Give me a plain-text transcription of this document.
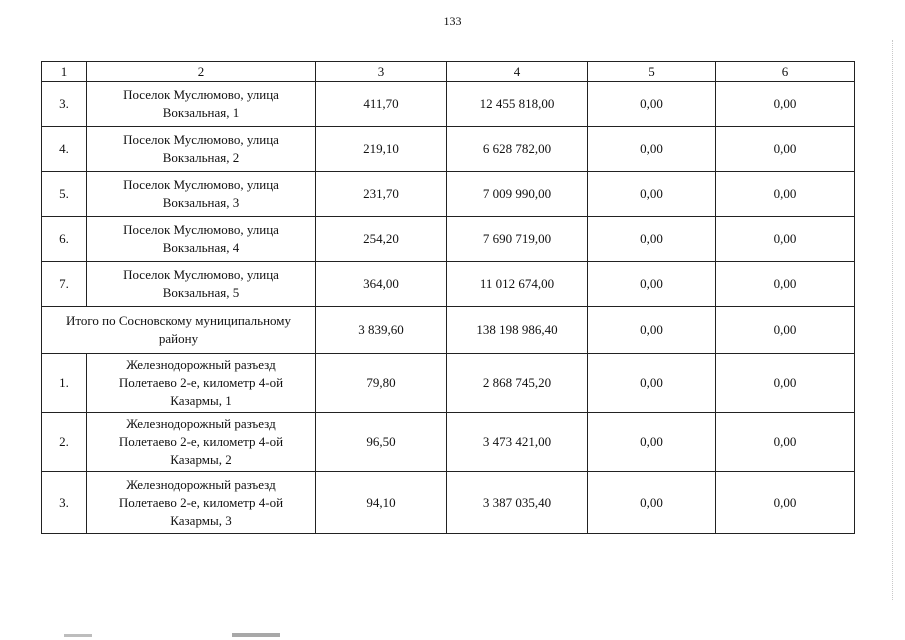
133
1	2	3	4	5	6
3.	Поселок Муслюмово, улица
Вокзальная, 1	411,70	12 455 818,00	0,00	0,00
4.	Поселок Муслюмово, улица
Вокзальная, 2	219,10	6 628 782,00	0,00	0,00
5.	Поселок Муслюмово, улица
Вокзальная, 3	231,70	7 009 990,00	0,00	0,00
6.	Поселок Муслюмово, улица
Вокзальная, 4	254,20	7 690 719,00	0,00	0,00
7.	Поселок Муслюмово, улица
Вокзальная, 5	364,00	11 012 674,00	0,00	0,00

Итого по Сосновскому муниципальному
району		3 839,60	138 198 986,40	0,00	0,00
1.	Железнодорожный разъезд
Полетаево 2-е, километр 4-ой
Казармы, 1	79,80	2 868 745,20	0,00	0,00
2.	Железнодорожный разъезд
Полетаево 2-е, километр 4-ой
Казармы, 2	96,50	3 473 421,00	0,00	0,00
3.	Железнодорожный разъезд
Полетаево 2-е, километр 4-ой
Казармы, 3	94,10	3 387 035,40	0,00	0,00
